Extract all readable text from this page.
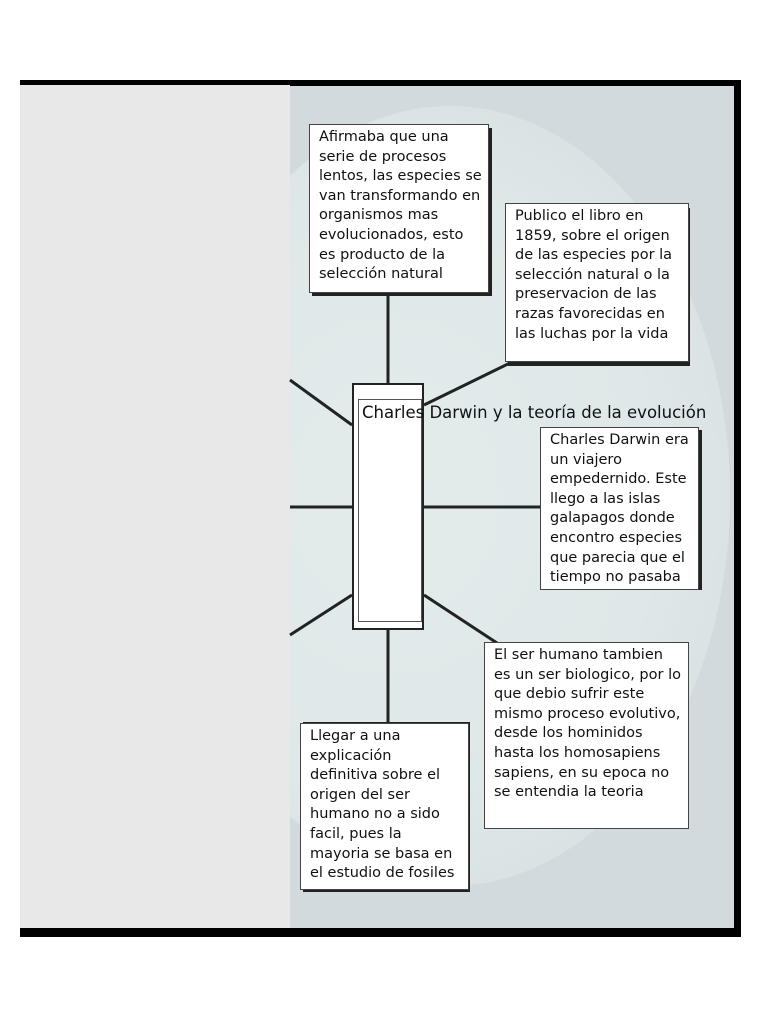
Charles Darwin y la teoría de la evolución
Afirmaba que una serie de procesos lentos, las especies se van transformando en organismos mas evolucionados, esto es producto de la selección natural
Publico el libro en 1859, sobre el origen de las especies por la selección natural o la preservacion de las razas favorecidas en las luchas por la vida
Charles Darwin era un viajero empedernido. Este llego a las islas galapagos donde encontro especies que parecia que el tiempo no pasaba
El ser humano tambien es un ser biologico, por lo que debio sufrir este mismo proceso evolutivo, desde los hominidos hasta los homosapiens sapiens, en su epoca no se entendia la teoria
Llegar a una explicación definitiva sobre el origen del ser humano no a sido facil, pues la mayoria se basa en el estudio de fosiles
